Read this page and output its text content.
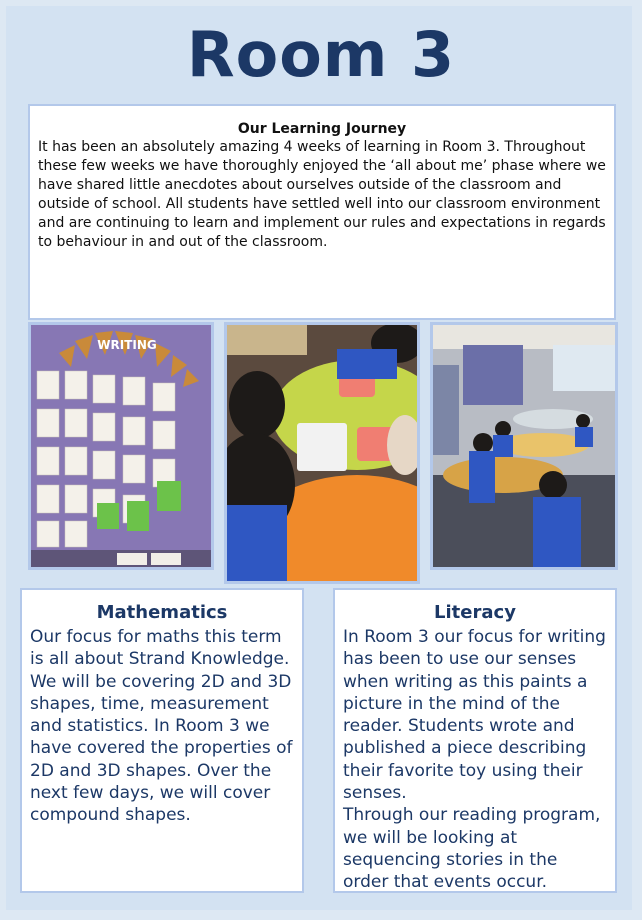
Room 3
Our Learning Journey

It has been an absolutely amazing 4 weeks of learning in Room 3. Throughout these few weeks we have thoroughly enjoyed the ‘all about me’ phase where we have shared little anecdotes about ourselves outside of the classroom and outside of school. All students have settled well into our classroom environment and are continuing to learn and implement our rules and expectations in regards to behaviour in and out of the classroom.

WRITING
Mathematics

Our focus for maths this term is all about Strand Knowledge. We will be covering 2D and 3D shapes, time, measurement and statistics. In Room 3 we have covered the properties of 2D and 3D shapes. Over the next few days, we will cover compound shapes.

Literacy

In Room 3 our focus for writing has been to use our senses when writing as this paints a picture in the mind of the reader. Students wrote and published a piece describing their favorite toy using their senses.

Through our reading program, we will be looking at sequencing stories in the order that events occur.
